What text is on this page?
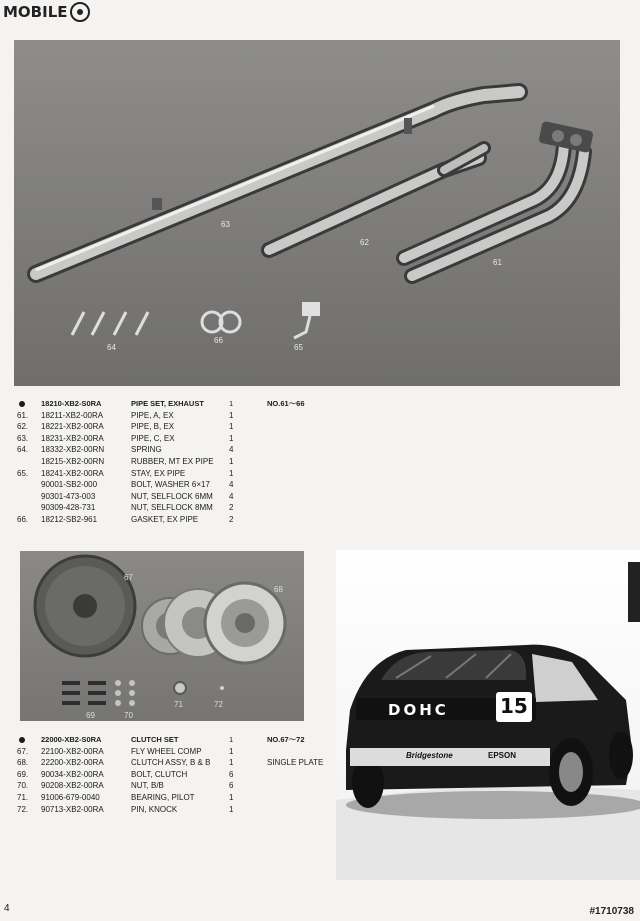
MOBILE
63
62
61
64
66
65
18210-XB2-S0RA	PIPE SET, EXHAUST	1	NO.61～66
61. 18211-XB2-00RA	PIPE, A, EX	1
62. 18221-XB2-00RA	PIPE, B, EX	1
63. 18231-XB2-00RA	PIPE, C, EX	1
64. 18332-XB2-00RN	SPRING	4
18215-XB2-00RN	RUBBER, MT EX PIPE 1
65. 18241-XB2-00RA	STAY, EX PIPE	1
90001-SB2-000	BOLT, WASHER 6×17 4
90301-473-003	NUT, SELFLOCK 6MM 4
90309-428-731	NUT, SELFLOCK 8MM 2
66. 18212-SB2-961	GASKET, EX PIPE	2
67
68
69	70
71	72
22000-XB2-S0RA	CLUTCH SET	1	NO.67～72
67. 22100-XB2-00RA	FLY WHEEL COMP	1
68. 22200-XB2-00RA	CLUTCH ASSY, B & B 1	SINGLE PLATE
69. 90034-XB2-00RA	BOLT, CLUTCH	6
70. 90208-XB2-00RA	NUT, B/B	6
71. 91006-679-0040	BEARING, PILOT	1
72. 90713-XB2-00RA	PIN, KNOCK	1
DOHC	15
Bridgestone	EPSON
4	#1710738
